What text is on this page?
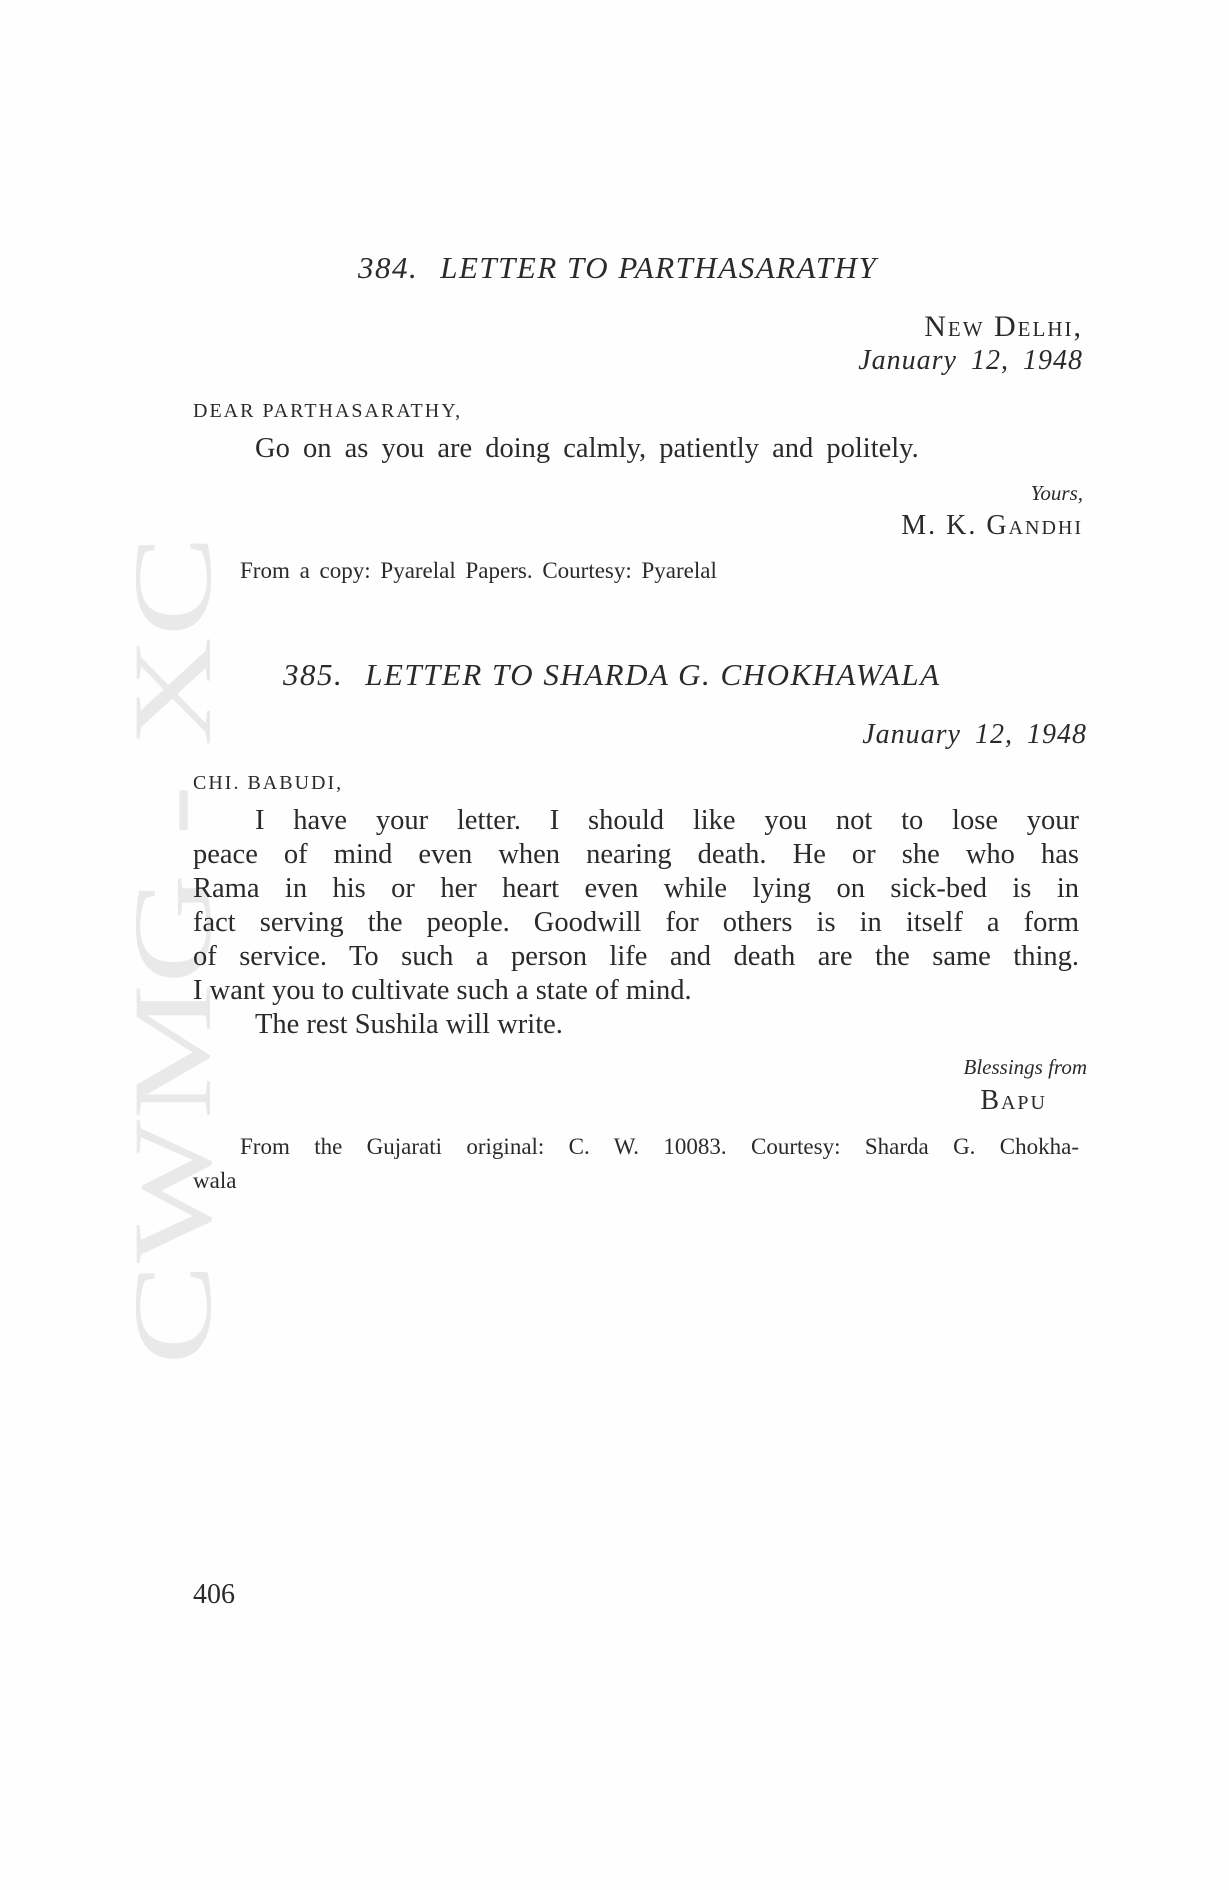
CWMG XC
384. LETTER TO PARTHASARATHY
New Delhi,
January 12, 1948
DEAR PARTHASARATHY,
Go on as you are doing calmly, patiently and politely.
Yours,
M. K. Gandhi
From a copy: Pyarelal Papers. Courtesy: Pyarelal
385. LETTER TO SHARDA G. CHOKHAWALA
January 12, 1948
CHI. BABUDI,
I have your letter. I should like you not to lose your
peace of mind even when nearing death. He or she who has
Rama in his or her heart even while lying on sick-bed is in
fact serving the people. Goodwill for others is in itself a form
of service. To such a person life and death are the same thing.
I want you to cultivate such a state of mind.
The rest Sushila will write.
Blessings from
Bapu
From the Gujarati original: C. W. 10083. Courtesy: Sharda G. Chokha-
wala
406
